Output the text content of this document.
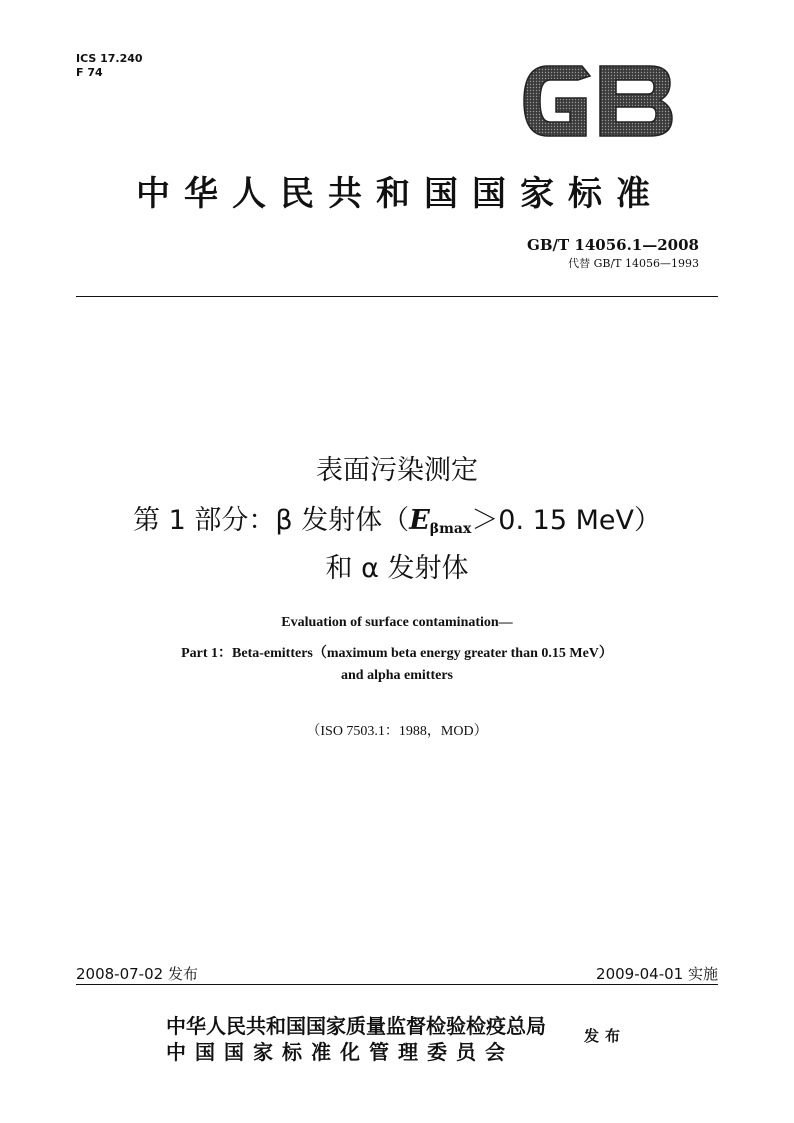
ICS 17.240
F 74
中华人民共和国国家标准
GB/T 14056.1—2008
代替 GB/T 14056—1993
表面污染测定
第 1 部分：β 发射体（$E_{\beta max}>0$. 15 MeV）
和 α 发射体
Evaluation of surface contamination—
Part 1：Beta-emitters（maximum beta energy greater than 0.15 MeV）
and alpha emitters
（ISO 7503.1：1988，MOD）
2008-07-02 发布	2009-04-01 实施
中华人民共和国国家质量监督检验检疫总局
中国国家标准化管理委员会
发布
